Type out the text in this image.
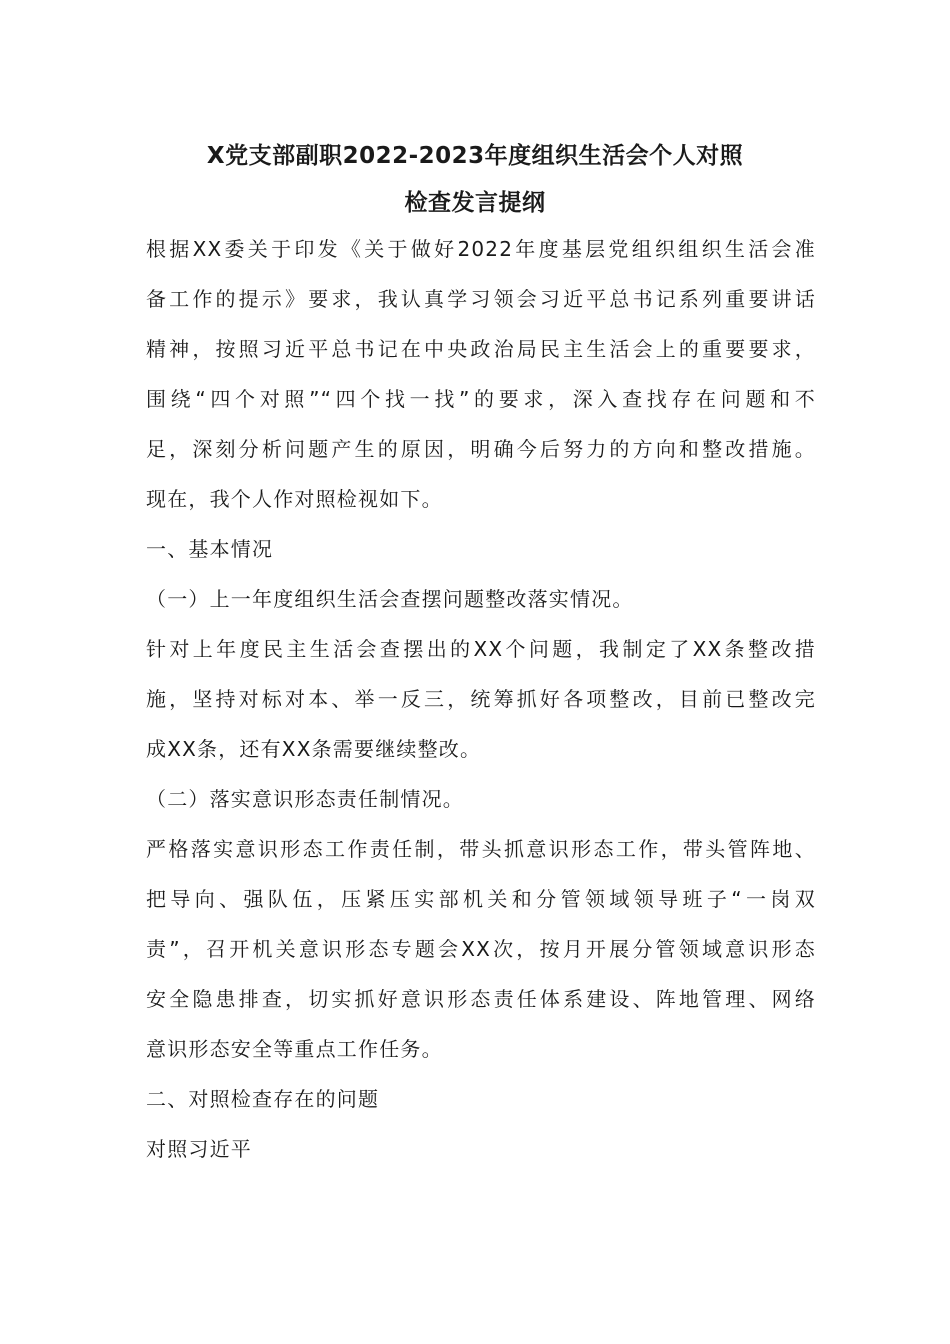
X党支部副职2022-2023年度组织生活会个人对照
检查发言提纲
根据XX委关于印发《关于做好2022年度基层党组织组织生活会准
备工作的提示》要求，我认真学习领会习近平总书记系列重要讲话
精神，按照习近平总书记在中央政治局民主生活会上的重要要求，
围绕“四个对照”“四个找一找”的要求，深入查找存在问题和不
足，深刻分析问题产生的原因，明确今后努力的方向和整改措施。
现在，我个人作对照检视如下。
一、基本情况
（一）上一年度组织生活会查摆问题整改落实情况。
针对上年度民主生活会查摆出的XX个问题，我制定了XX条整改措
施，坚持对标对本、举一反三，统筹抓好各项整改，目前已整改完
成XX条，还有XX条需要继续整改。
（二）落实意识形态责任制情况。
严格落实意识形态工作责任制，带头抓意识形态工作，带头管阵地、
把导向、强队伍，压紧压实部机关和分管领域领导班子“一岗双
责”，召开机关意识形态专题会XX次，按月开展分管领域意识形态
安全隐患排查，切实抓好意识形态责任体系建设、阵地管理、网络
意识形态安全等重点工作任务。
二、对照检查存在的问题
对照习近平
